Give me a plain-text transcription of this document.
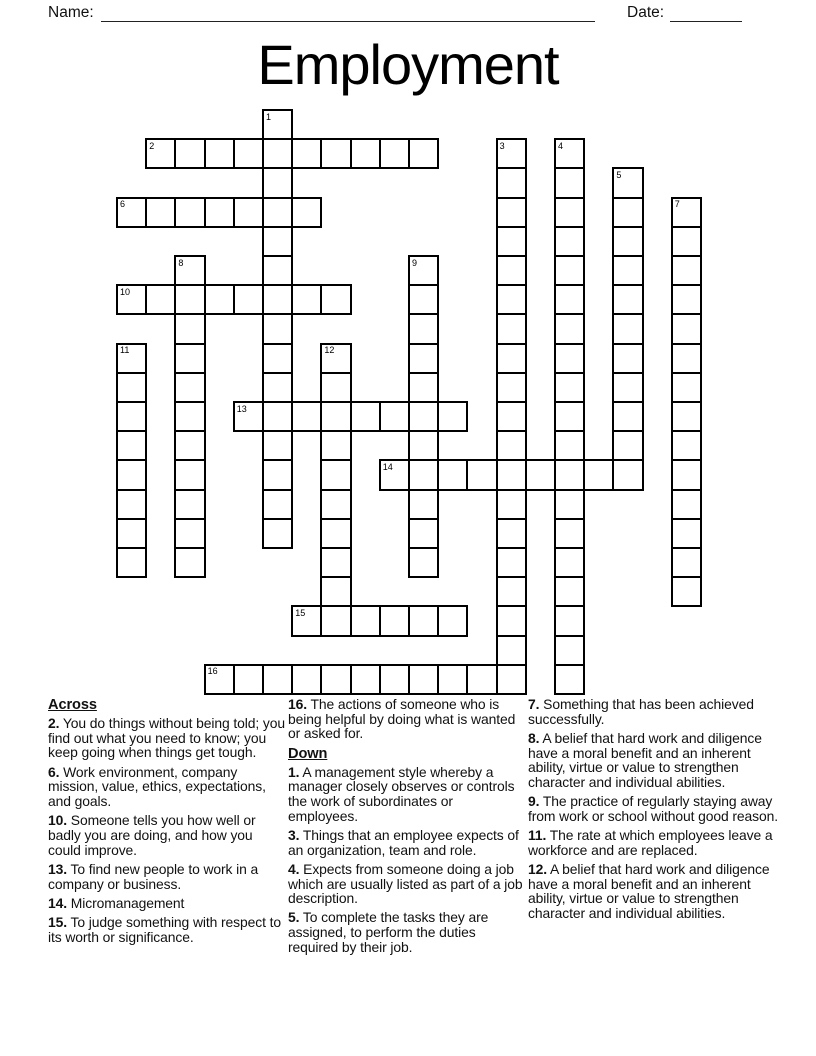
Name:	Date:
Employment
1
2	3	4
5
6	7
8	9
10
11	12
13
14
15
16
Across

2. You do things without being told; you find out what you need to know; you keep going when things get tough.

6. Work environment, company mission, value, ethics, expectations, and goals.

10. Someone tells you how well or badly you are doing, and how you could improve.

13. To find new people to work in a company or business.

14. Micromanagement

15. To judge something with respect to its worth or significance.

16. The actions of someone who is being helpful by doing what is wanted or asked for.

Down

1. A management style whereby a manager closely observes or controls the work of subordinates or employees.

3. Things that an employee expects of an organization, team and role.

4. Expects from someone doing a job which are usually listed as part of a job description.

5. To complete the tasks they are assigned, to perform the duties required by their job.

7. Something that has been achieved successfully.

8. A belief that hard work and diligence have a moral benefit and an inherent ability, virtue or value to strengthen character and individual abilities.

9. The practice of regularly staying away from work or school without good reason.

11. The rate at which employees leave a workforce and are replaced.

12. A belief that hard work and diligence have a moral benefit and an inherent ability, virtue or value to strengthen character and individual abilities.
